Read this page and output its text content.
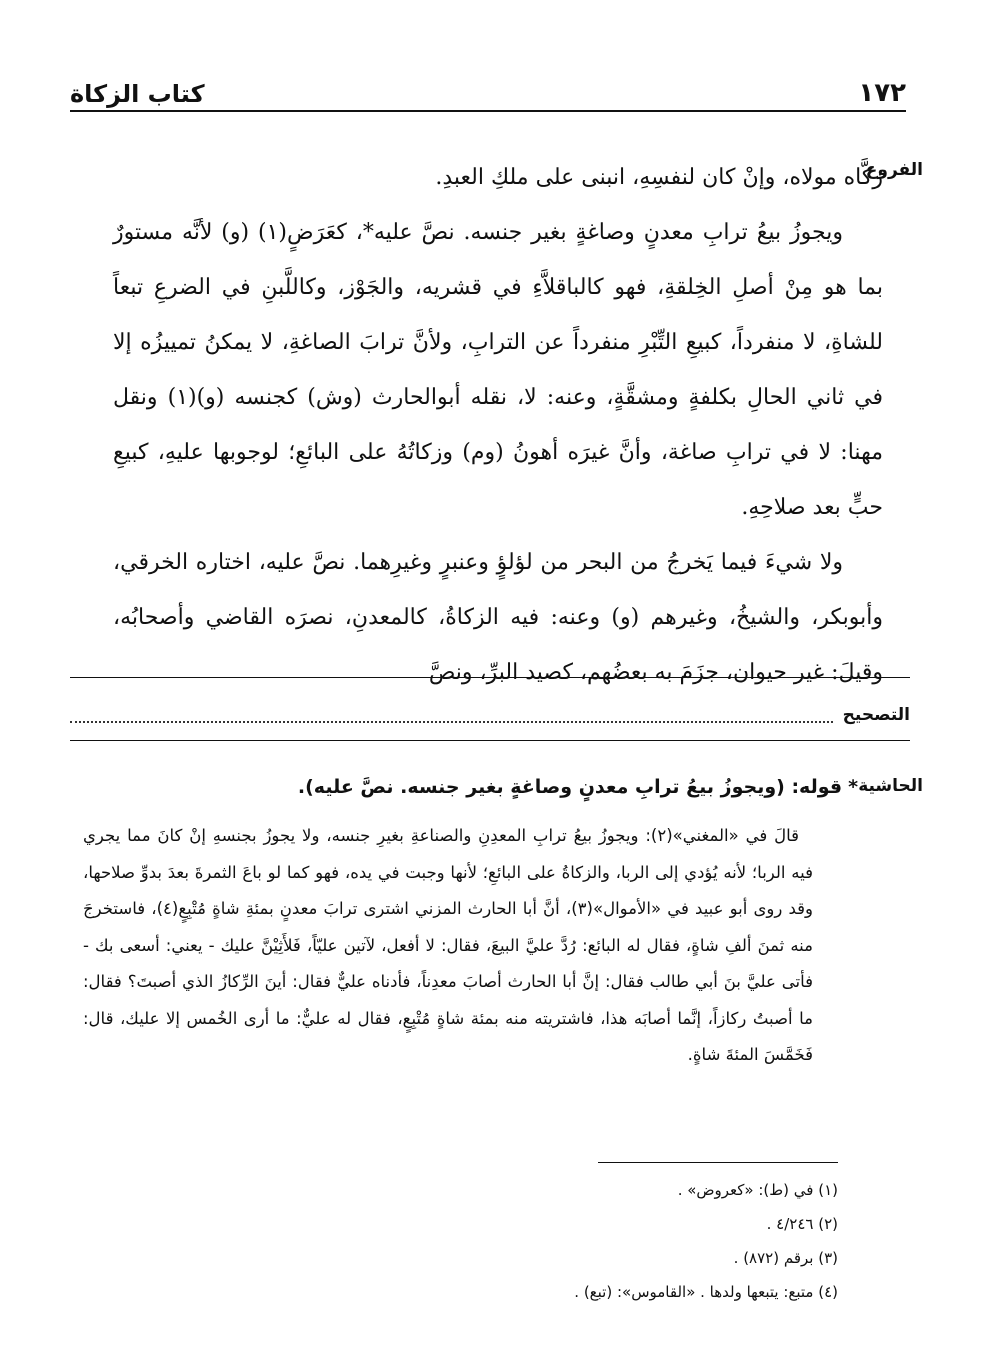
١٧٢
كتاب الزكاة
الفروع

زكَّاه مولاه، وإنْ كان لنفسِهِ، انبنى على ملكِ العبدِ.

ويجوزُ بيعُ ترابِ معدنٍ وصاغةٍ بغير جنسه. نصَّ عليه*، كعَرَضٍ(١) (و) لأنَّه مستورٌ بما هو مِنْ أصلِ الخِلقةِ، فهو كالباقلاَّءِ في قشريه، والجَوْز، وكاللَّبنِ في الضرعِ تبعاً للشاةِ، لا منفرداً، كبيعِ التِّبْرِ منفرداً عن الترابِ، ولأنَّ ترابَ الصاغةِ، لا يمكنُ تمييزُه إلا في ثاني الحالِ بكلفةٍ ومشقَّةٍ، وعنه: لا، نقله أبوالحارث (وش) كجنسه (و)(١) ونقل مهنا: لا في ترابِ صاغة، وأنَّ غيرَه أهونُ (وم) وزكاتُهُ على البائعِ؛ لوجوبها عليهِ، كبيعِ حبٍّ بعد صلاحِهِ.

ولا شيءَ فيما يَخرجُ من البحر من لؤلؤٍ وعنبرٍ وغيرِهما. نصَّ عليه، اختاره الخرقي، وأبوبكر، والشيخُ، وغيرهم (و) وعنه: فيه الزكاةُ، كالمعدنِ، نصرَه القاضي وأصحابُه، وقيلَ: غير حيوان، جزَمَ به بعضُهم، كصيد البرِّ، ونصَّ

التصحيح
الحاشية
*قوله: (ويجوزُ بيعُ ترابِ معدنٍ وصاغةٍ بغير جنسه. نصَّ عليه).

قالَ في «المغني»(٢): ويجوزُ بيعُ ترابِ المعدِنِ والصناعةِ بغيرِ جنسه، ولا يجوزُ بجنسهِ إنْ كانَ مما يجري فيه الربا؛ لأنه يُؤدي إلى الربا، والزكاةُ على البائعِ؛ لأنها وجبت في يده، فهو كما لو باعَ الثمرةَ بعدَ بدوِّ صلاحها، وقد روى أبو عبيد في «الأموال»(٣)، أنَّ أبا الحارث المزني اشترى ترابَ معدنٍ بمئةِ شاةٍ مُتْبِعٍ(٤)، فاستخرجَ منه ثمنَ ألفِ شاةٍ، فقال له البائع: رُدَّ عليَّ البيعَ، فقال: لا أفعل، لآتين عليّاً، فَلأَثِيْنَّ عليك - يعني: أسعى بك - فأتى عليَّ بنَ أبي طالب فقال: إنَّ أبا الحارث أصابَ معدِناً، فأدناه عليٌّ فقال: أينَ الرِّكازُ الذي أصبتَ؟ فقال: ما أصبتُ ركازاً، إنَّما أصابَه هذا، فاشتريته منه بمئة شاةٍ مُتْبِعٍ، فقال له عليٌّ: ما أرى الخُمس إلا عليك، قال: فَخَمَّسَ المئةَ شاةٍ.

(١) في (ط): «كعروض» .
(٢) ٤/٢٤٦ .
(٣) برقم (٨٧٢) .
(٤) متبع: يتبعها ولدها . «القاموس»: (تبع) .
